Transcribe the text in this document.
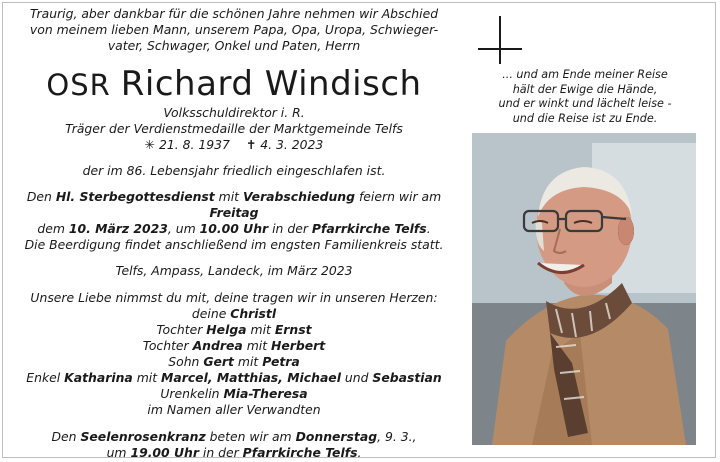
Traurig, aber dankbar für die schönen Jahre nehmen wir Abschied
von meinem lieben Mann, unserem Papa, Opa, Uropa, Schwieger-
vater, Schwager, Onkel und Paten, Herrn
OSR Richard Windisch
Volksschuldirektor i. R.
Träger der Verdienstmedaille der Marktgemeinde Telfs
✳ 21. 8. 1937 ✝ 4. 3. 2023
der im 86. Lebensjahr friedlich eingeschlafen ist.
Den Hl. Sterbegottesdienst mit Verabschiedung feiern wir am Freitag
dem 10. März 2023, um 10.00 Uhr in der Pfarrkirche Telfs.
Die Beerdigung findet anschließend im engsten Familienkreis statt.
Telfs, Ampass, Landeck, im März 2023
Unsere Liebe nimmst du mit, deine tragen wir in unseren Herzen:
deine Christl
Tochter Helga mit Ernst
Tochter Andrea mit Herbert
Sohn Gert mit Petra
Enkel Katharina mit Marcel, Matthias, Michael und Sebastian
Urenkelin Mia-Theresa
im Namen aller Verwandten
Den Seelenrosenkranz beten wir am Donnerstag, 9. 3.,
um 19.00 Uhr in der Pfarrkirche Telfs.
... und am Ende meiner Reise
hält der Ewige die Hände,
und er winkt und lächelt leise -
und die Reise ist zu Ende.
